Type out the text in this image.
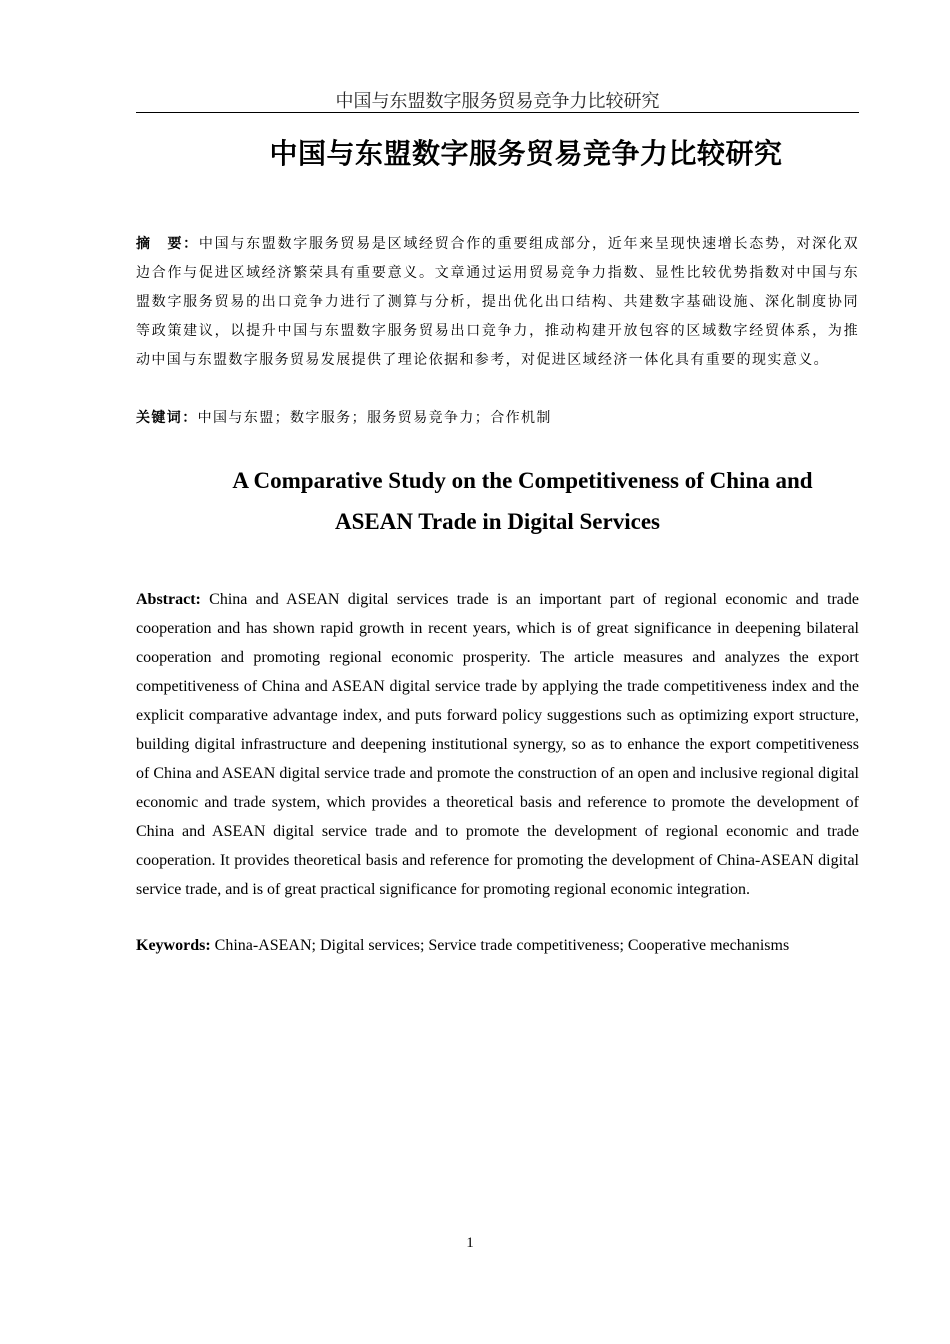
中国与东盟数字服务贸易竞争力比较研究
中国与东盟数字服务贸易竞争力比较研究
摘　要：中国与东盟数字服务贸易是区域经贸合作的重要组成部分，近年来呈现快速增长态势，对深化双边合作与促进区域经济繁荣具有重要意义。文章通过运用贸易竞争力指数、显性比较优势指数对中国与东盟数字服务贸易的出口竞争力进行了测算与分析，提出优化出口结构、共建数字基础设施、深化制度协同等政策建议，以提升中国与东盟数字服务贸易出口竞争力，推动构建开放包容的区域数字经贸体系，为推动中国与东盟数字服务贸易发展提供了理论依据和参考，对促进区域经济一体化具有重要的现实意义。
关键词：中国与东盟；数字服务；服务贸易竞争力；合作机制
A Comparative Study on the Competitiveness of China and
ASEAN Trade in Digital Services
Abstract: China and ASEAN digital services trade is an important part of regional economic and trade cooperation and has shown rapid growth in recent years, which is of great significance in deepening bilateral cooperation and promoting regional economic prosperity. The article measures and analyzes the export competitiveness of China and ASEAN digital service trade by applying the trade competitiveness index and the explicit comparative advantage index, and puts forward policy suggestions such as optimizing export structure, building digital infrastructure and deepening institutional synergy, so as to enhance the export competitiveness of China and ASEAN digital service trade and promote the construction of an open and inclusive regional digital economic and trade system, which provides a theoretical basis and reference to promote the development of China and ASEAN digital service trade and to promote the development of regional economic and trade cooperation. It provides theoretical basis and reference for promoting the development of China-ASEAN digital service trade, and is of great practical significance for promoting regional economic integration.
Keywords: China-ASEAN; Digital services; Service trade competitiveness; Cooperative mechanisms
1
